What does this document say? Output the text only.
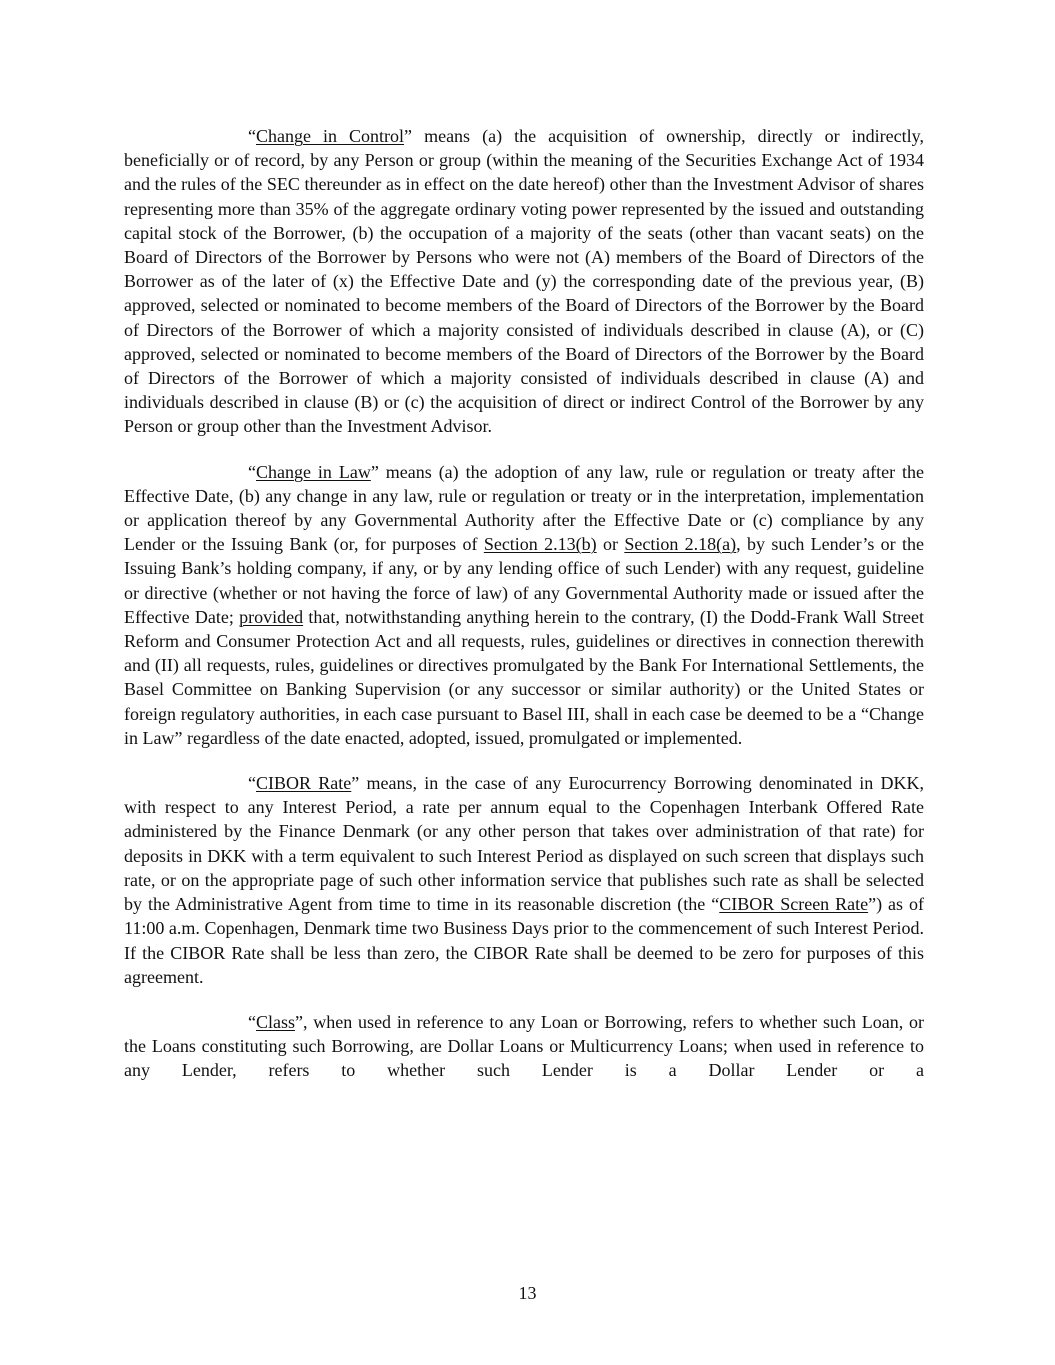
“Change in Control” means (a) the acquisition of ownership, directly or indirectly, beneficially or of record, by any Person or group (within the meaning of the Securities Exchange Act of 1934 and the rules of the SEC thereunder as in effect on the date hereof) other than the Investment Advisor of shares representing more than 35% of the aggregate ordinary voting power represented by the issued and outstanding capital stock of the Borrower, (b) the occupation of a majority of the seats (other than vacant seats) on the Board of Directors of the Borrower by Persons who were not (A) members of the Board of Directors of the Borrower as of the later of (x) the Effective Date and (y) the corresponding date of the previous year, (B) approved, selected or nominated to become members of the Board of Directors of the Borrower by the Board of Directors of the Borrower of which a majority consisted of individuals described in clause (A), or (C) approved, selected or nominated to become members of the Board of Directors of the Borrower by the Board of Directors of the Borrower of which a majority consisted of individuals described in clause (A) and individuals described in clause (B) or (c) the acquisition of direct or indirect Control of the Borrower by any Person or group other than the Investment Advisor.

“Change in Law” means (a) the adoption of any law, rule or regulation or treaty after the Effective Date, (b) any change in any law, rule or regulation or treaty or in the interpretation, implementation or application thereof by any Governmental Authority after the Effective Date or (c) compliance by any Lender or the Issuing Bank (or, for purposes of Section 2.13(b) or Section 2.18(a), by such Lender’s or the Issuing Bank’s holding company, if any, or by any lending office of such Lender) with any request, guideline or directive (whether or not having the force of law) of any Governmental Authority made or issued after the Effective Date; provided that, notwithstanding anything herein to the contrary, (I) the Dodd-Frank Wall Street Reform and Consumer Protection Act and all requests, rules, guidelines or directives in connection therewith and (II) all requests, rules, guidelines or directives promulgated by the Bank For International Settlements, the Basel Committee on Banking Supervision (or any successor or similar authority) or the United States or foreign regulatory authorities, in each case pursuant to Basel III, shall in each case be deemed to be a “Change in Law” regardless of the date enacted, adopted, issued, promulgated or implemented.

“CIBOR Rate” means, in the case of any Eurocurrency Borrowing denominated in DKK, with respect to any Interest Period, a rate per annum equal to the Copenhagen Interbank Offered Rate administered by the Finance Denmark (or any other person that takes over administration of that rate) for deposits in DKK with a term equivalent to such Interest Period as displayed on such screen that displays such rate, or on the appropriate page of such other information service that publishes such rate as shall be selected by the Administrative Agent from time to time in its reasonable discretion (the “CIBOR Screen Rate”) as of 11:00 a.m. Copenhagen, Denmark time two Business Days prior to the commencement of such Interest Period. If the CIBOR Rate shall be less than zero, the CIBOR Rate shall be deemed to be zero for purposes of this agreement.

“Class”, when used in reference to any Loan or Borrowing, refers to whether such Loan, or the Loans constituting such Borrowing, are Dollar Loans or Multicurrency Loans; when used in reference to any Lender, refers to whether such Lender is a Dollar Lender or a

13
